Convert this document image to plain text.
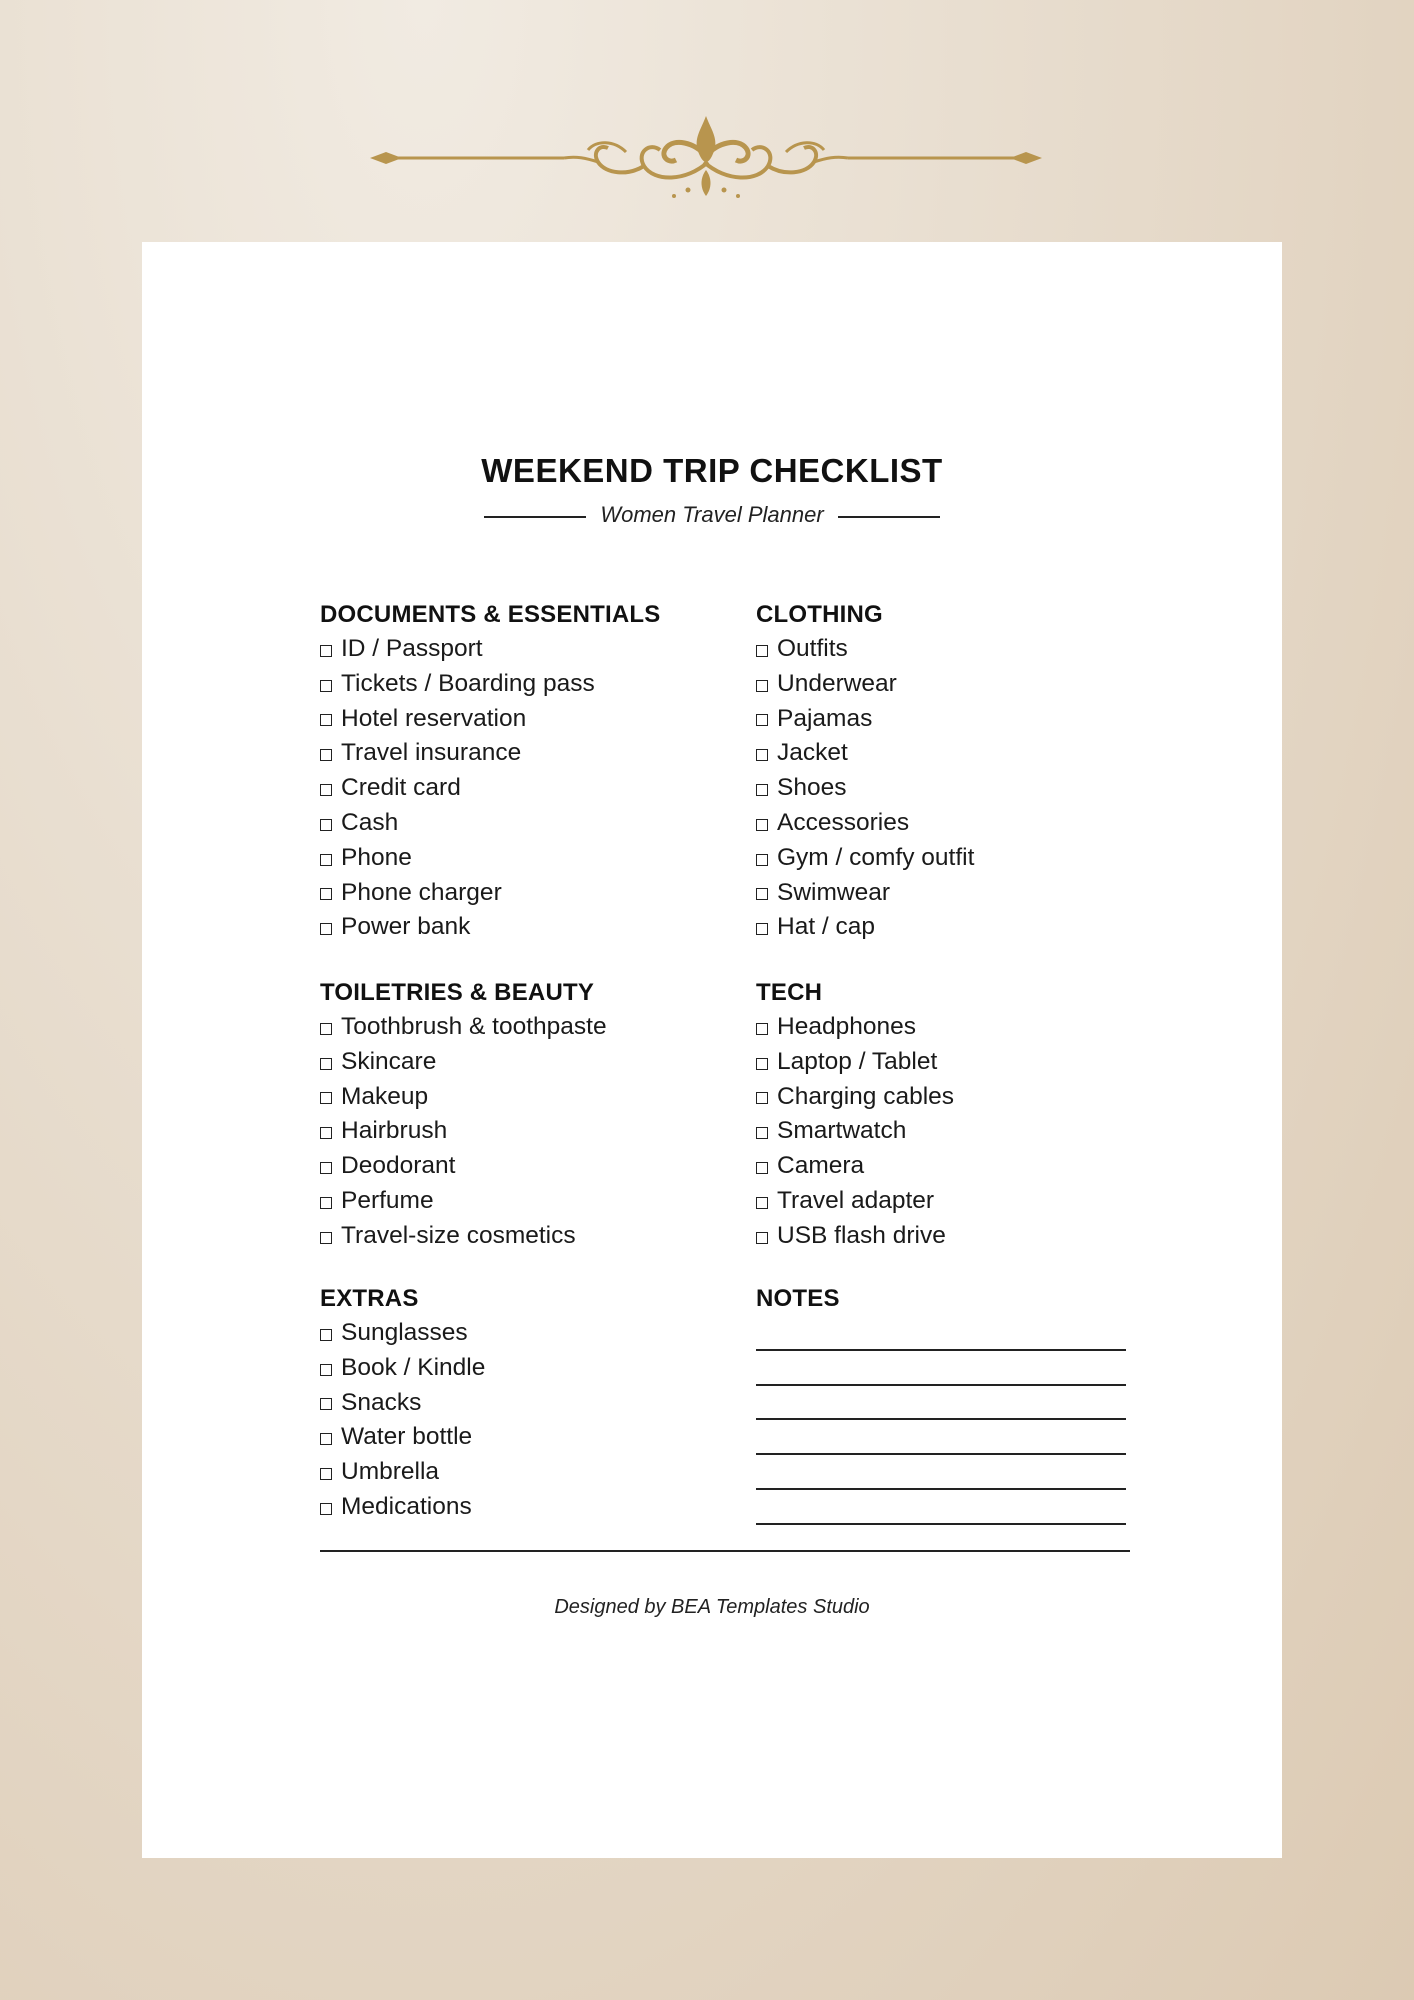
WEEKEND TRIP CHECKLIST
Women Travel Planner
DOCUMENTS & ESSENTIALS
ID / Passport
Tickets / Boarding pass
Hotel reservation
Travel insurance
Credit card
Cash
Phone
Phone charger
Power bank
CLOTHING
Outfits
Underwear
Pajamas
Jacket
Shoes
Accessories
Gym / comfy outfit
Swimwear
Hat / cap
TOILETRIES & BEAUTY
Toothbrush & toothpaste
Skincare
Makeup
Hairbrush
Deodorant
Perfume
Travel-size cosmetics
TECH
Headphones
Laptop / Tablet
Charging cables
Smartwatch
Camera
Travel adapter
USB flash drive
EXTRAS
Sunglasses
Book / Kindle
Snacks
Water bottle
Umbrella
Medications
NOTES
Designed by BEA Templates Studio
